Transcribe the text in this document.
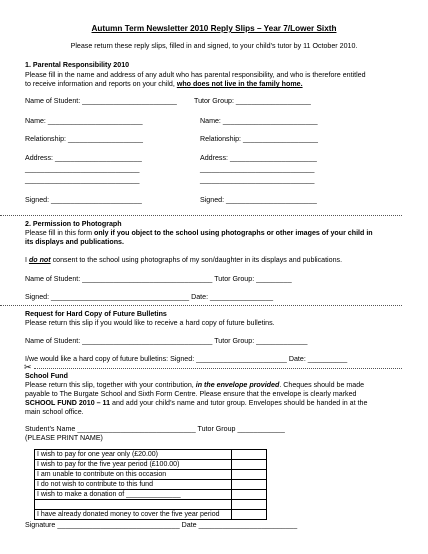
Autumn Term Newsletter 2010 Reply Slips – Year 7/Lower Sixth
Please return these reply slips, filled in and signed, to your child’s tutor by 11 October 2010.
1. Parental Responsibility 2010
Please fill in the name and address of any adult who has parental responsibility, and who is therefore entitled
to receive information and reports on your child, who does not live in the family home.
Name of Student: ________________________ Tutor Group: ___________________
Name: ________________________	Name: ________________________
Relationship: ___________________	Relationship: ___________________
Address: ______________________	Address: ______________________
_____________________________	_____________________________
_____________________________	_____________________________
Signed: _______________________	Signed: _______________________
2. Permission to Photograph
Please fill in this form only if you object to the school using photographs or other images of your child in
its displays and publications.
I do not consent to the school using photographs of my son/daughter in its displays and publications.
Name of Student: _________________________________ Tutor Group: _________
Signed: ___________________________________ Date: ________________
Request for Hard Copy of Future Bulletins
Please return this slip if you would like to receive a hard copy of future bulletins.
Name of Student: _________________________________ Tutor Group: _____________
I/we would like a hard copy of future bulletins: Signed: _______________________ Date: __________
✂
School Fund
Please return this slip, together with your contribution, in the envelope provided. Cheques should be made
payable to The Burgate School and Sixth Form Centre. Please ensure that the envelope is clearly marked
SCHOOL FUND 2010 – 11 and add your child’s name and tutor group. Envelopes should be handed in at the
main school office.
Student’s Name ______________________________ Tutor Group ____________
(PLEASE PRINT NAME)
I wish to pay for one year only (£20.00)	
I wish to pay for the five year period (£100.00)	
I am unable to contribute on this occasion	
I do not wish to contribute to this fund	
I wish to make a donation of ______________	

I have already donated money to cover the five year period	
Signature _______________________________ Date _________________________
